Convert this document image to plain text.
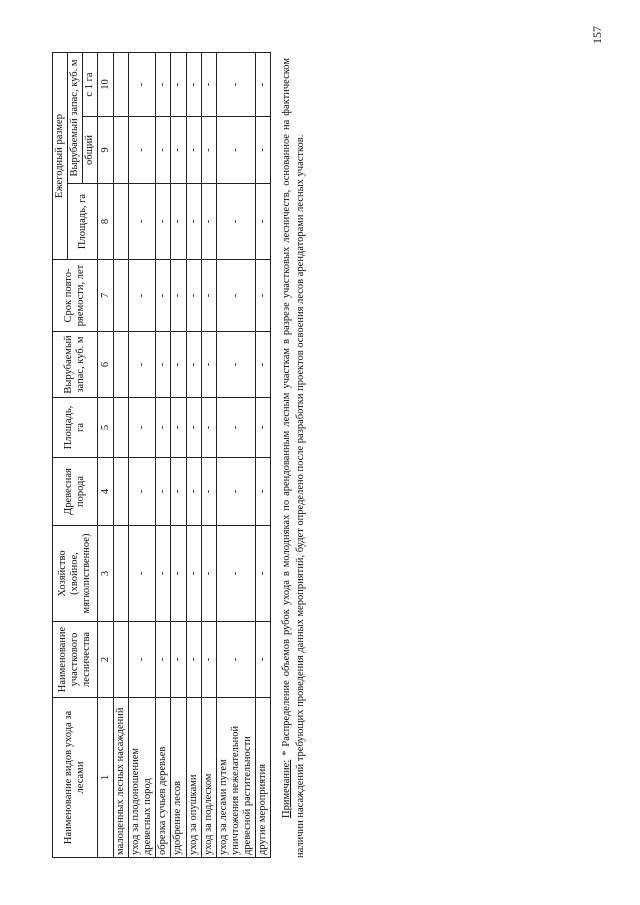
157
Наименование видов ухода за лесами	Наименование участкового лесничества	Хозяйство (хвойное, мягколиственное)	Древесная порода	Площадь, га	Вырубаемый запас, куб. м	Срок повто-ряемости, лет	Ежегодный размер		
							Площадь, га	Вырубаемый запас, куб. м	
								общий	с 1 га
1	2	3	4	5	6	7	8	9	10
малоценных лесных насаждений									
уход за плодоношением древесных пород	-	-	-	-	-	-	-	-	-
обрезка сучьев деревьев	-	-	-	-	-	-	-	-	-
удобрение лесов	-	-	-	-	-	-	-	-	-
уход за опушками	-	-	-	-	-	-	-	-	-
уход за подлеском	-	-	-	-	-	-	-	-	-
уход за лесами путем уничтожения нежелательной древесной растительности	-	-	-	-	-	-	-	-	-
другие мероприятия	-	-	-	-	-	-	-	-	-
Примечание: * Распределение объемов рубок ухода в молодняках по арендованным лесным участкам в разрезе участковых лесничеств, основанное на фактическом наличии насаждений требующих проведения данных мероприятий, будет определено после разработки проектов освоения лесов арендаторами лесных участков.
